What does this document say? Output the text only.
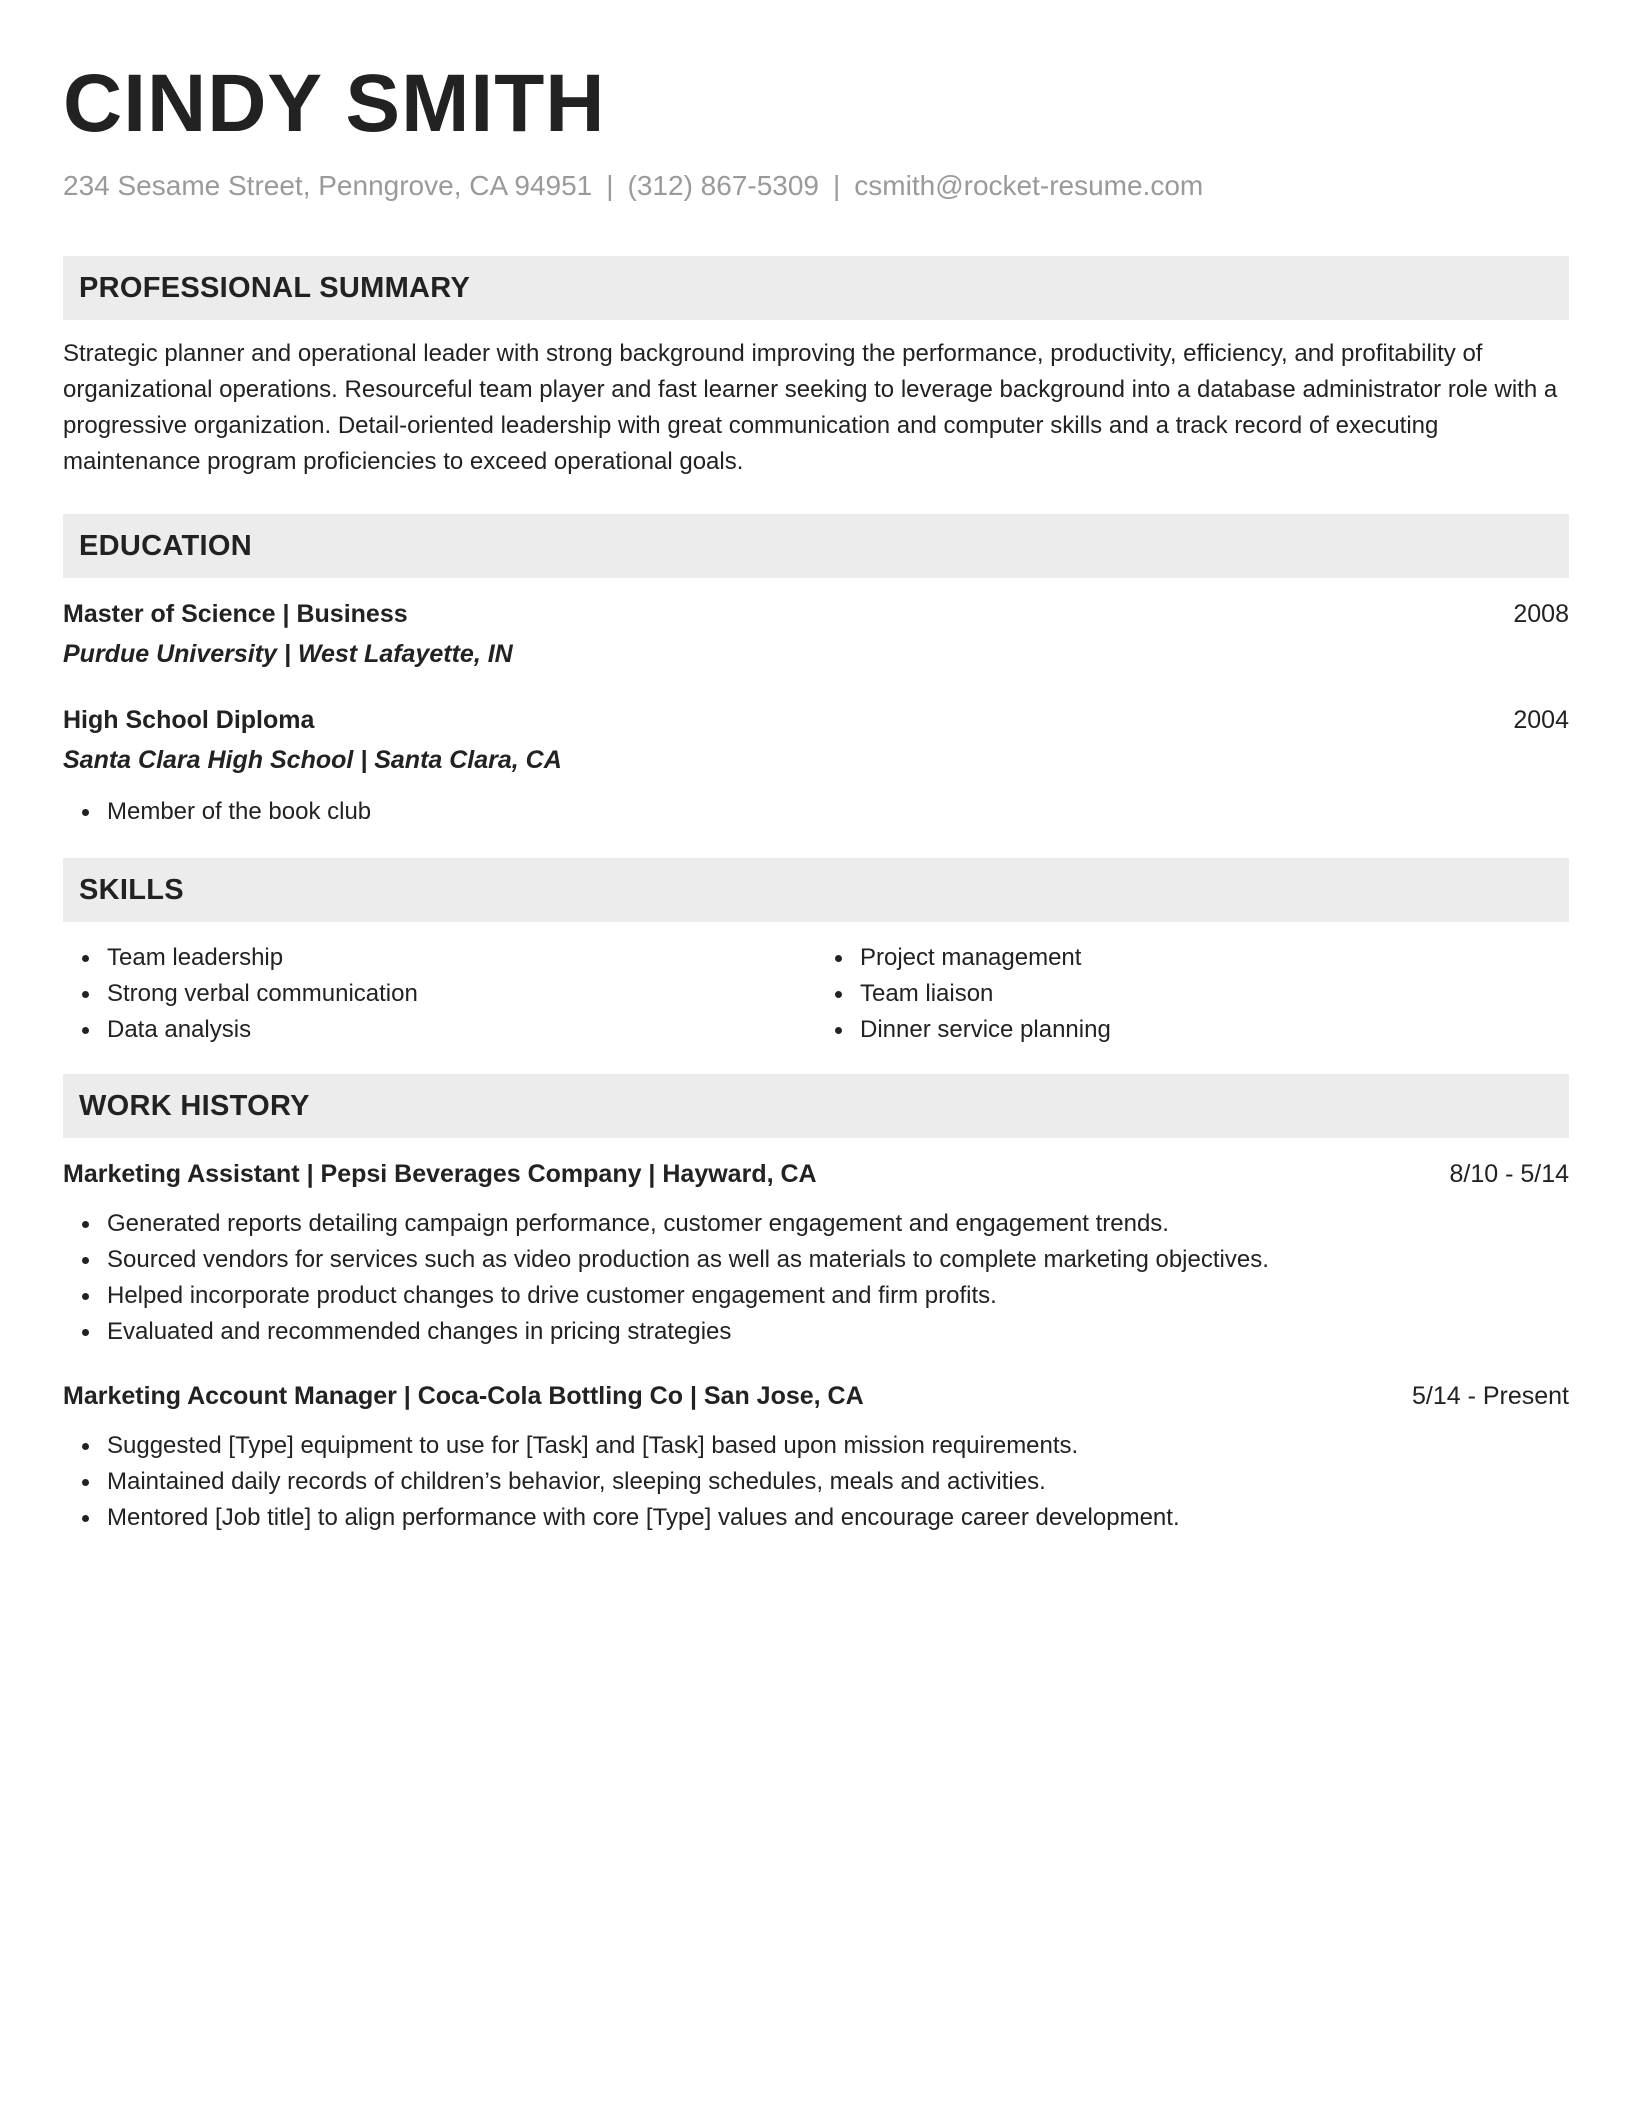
CINDY SMITH
234 Sesame Street, Penngrove, CA 94951 | (312) 867-5309 | csmith@rocket-resume.com
PROFESSIONAL SUMMARY
Strategic planner and operational leader with strong background improving the performance, productivity, efficiency, and profitability of organizational operations. Resourceful team player and fast learner seeking to leverage background into a database administrator role with a progressive organization. Detail-oriented leadership with great communication and computer skills and a track record of executing maintenance program proficiencies to exceed operational goals.
EDUCATION
Master of Science | Business	2008
Purdue University | West Lafayette, IN
High School Diploma	2004
Santa Clara High School | Santa Clara, CA
Member of the book club
SKILLS
Team leadership
Strong verbal communication
Data analysis
Project management
Team liaison
Dinner service planning
WORK HISTORY
Marketing Assistant | Pepsi Beverages Company | Hayward, CA	8/10 - 5/14
Generated reports detailing campaign performance, customer engagement and engagement trends.
Sourced vendors for services such as video production as well as materials to complete marketing objectives.
Helped incorporate product changes to drive customer engagement and firm profits.
Evaluated and recommended changes in pricing strategies
Marketing Account Manager | Coca-Cola Bottling Co | San Jose, CA	5/14 - Present
Suggested [Type] equipment to use for [Task] and [Task] based upon mission requirements.
Maintained daily records of children’s behavior, sleeping schedules, meals and activities.
Mentored [Job title] to align performance with core [Type] values and encourage career development.
